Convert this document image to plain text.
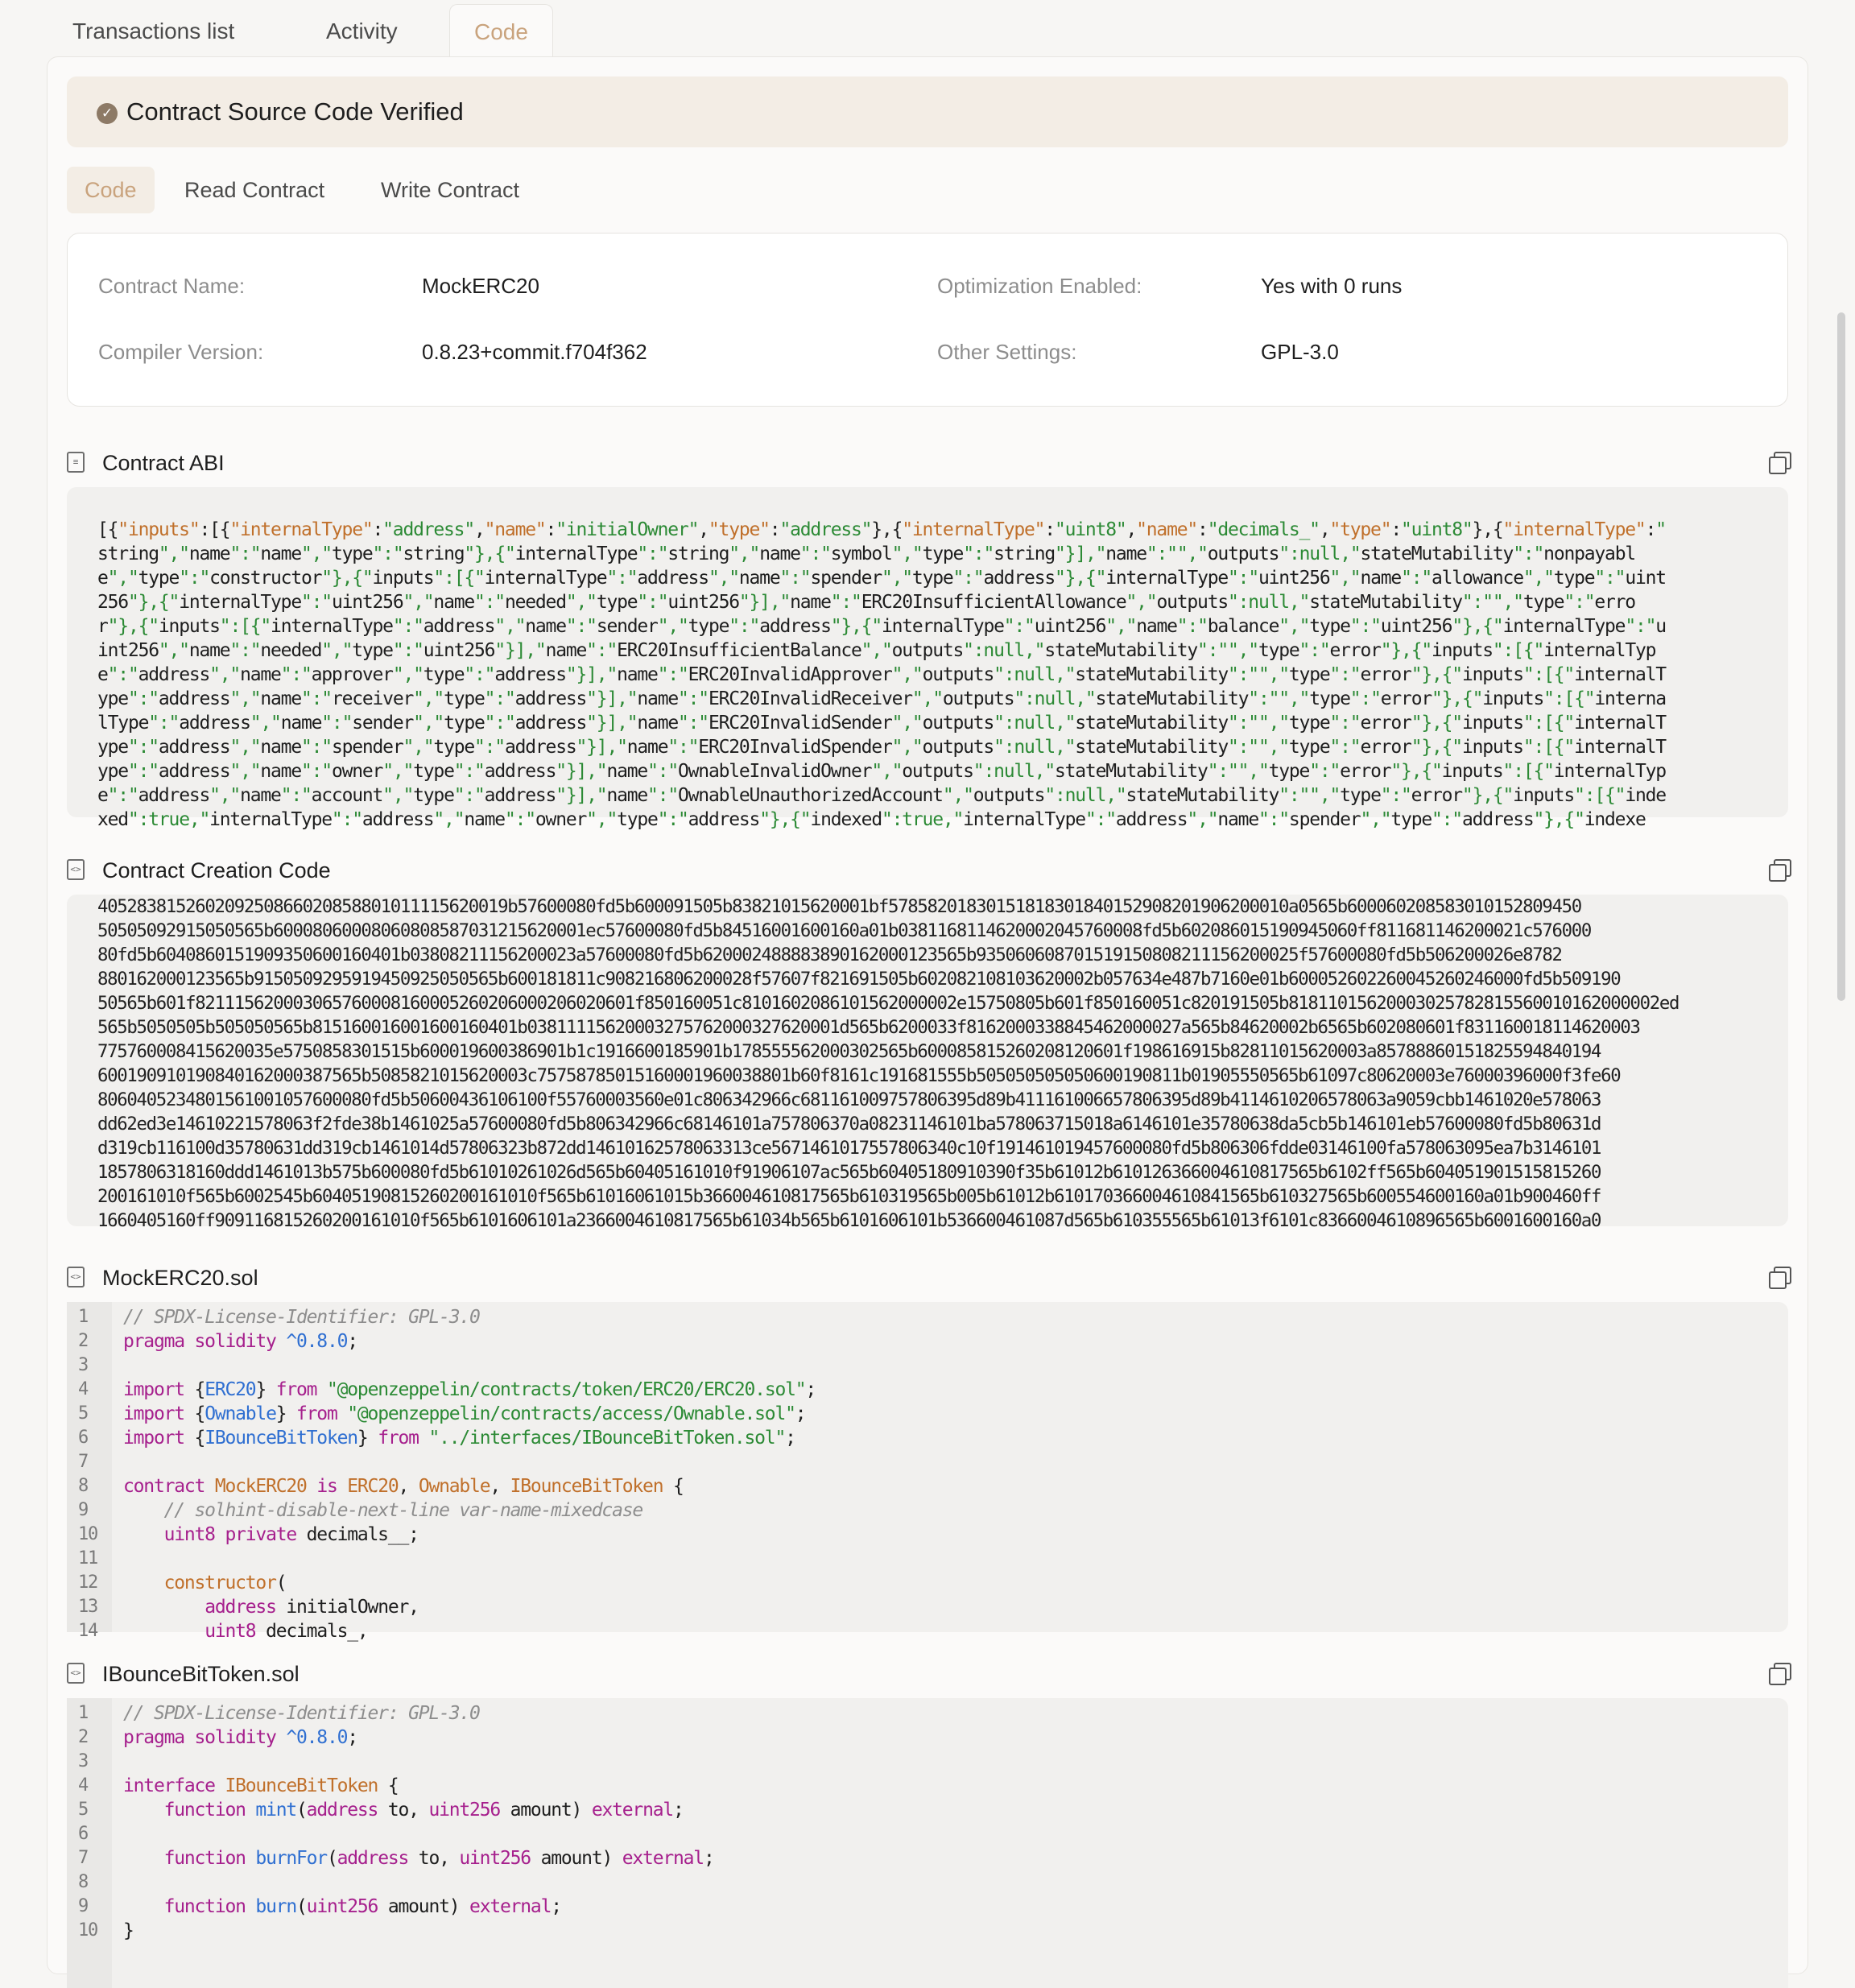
Transactions list	Activity	Code
✓ Contract Source Code Verified
Code	Read Contract	Write Contract
Contract Name:	MockERC20
Compiler Version:	0.8.23+commit.f704f362
Optimization Enabled:	Yes with 0 runs
Other Settings:	GPL-3.0
≡ Contract ABI
[{"inputs":[{"internalType":"address","name":"initialOwner","type":"address"},{"internalType":"uint8","name":"decimals_","type":"uint8"},{"internalType":"
string","name":"name","type":"string"},{"internalType":"string","name":"symbol","type":"string"}],"name":"","outputs":null,"stateMutability":"nonpayabl
e","type":"constructor"},{"inputs":[{"internalType":"address","name":"spender","type":"address"},{"internalType":"uint256","name":"allowance","type":"uint
256"},{"internalType":"uint256","name":"needed","type":"uint256"}],"name":"ERC20InsufficientAllowance","outputs":null,"stateMutability":"","type":"erro
r"},{"inputs":[{"internalType":"address","name":"sender","type":"address"},{"internalType":"uint256","name":"balance","type":"uint256"},{"internalType":"u
int256","name":"needed","type":"uint256"}],"name":"ERC20InsufficientBalance","outputs":null,"stateMutability":"","type":"error"},{"inputs":[{"internalTyp
e":"address","name":"approver","type":"address"}],"name":"ERC20InvalidApprover","outputs":null,"stateMutability":"","type":"error"},{"inputs":[{"internalT
ype":"address","name":"receiver","type":"address"}],"name":"ERC20InvalidReceiver","outputs":null,"stateMutability":"","type":"error"},{"inputs":[{"interna
lType":"address","name":"sender","type":"address"}],"name":"ERC20InvalidSender","outputs":null,"stateMutability":"","type":"error"},{"inputs":[{"internalT
ype":"address","name":"spender","type":"address"}],"name":"ERC20InvalidSpender","outputs":null,"stateMutability":"","type":"error"},{"inputs":[{"internalT
ype":"address","name":"owner","type":"address"}],"name":"OwnableInvalidOwner","outputs":null,"stateMutability":"","type":"error"},{"inputs":[{"internalTyp
e":"address","name":"account","type":"address"}],"name":"OwnableUnauthorizedAccount","outputs":null,"stateMutability":"","type":"error"},{"inputs":[{"inde
xed":true,"internalType":"address","name":"owner","type":"address"},{"indexed":true,"internalType":"address","name":"spender","type":"address"},{"indexe
<> Contract Creation Code
405283815260209250866020858801011115620019b57600080fd5b600091505b83821015620001bf57858201830151818301840152908201906200010a0565b600060208583010152809450
50505092915050565b60008060008060808587031215620001ec57600080fd5b84516001600160a01b0381168114620002045760008fd5b602086015190945060ff811681146200021c576000
80fd5b6040860151909350600160401b03808211156200023a57600080fd5b620002488883890162000123565b935060608701519150808211156200025f57600080fd5b506200026e8782
880162000123565b9150509295919450925050565b600181811c908216806200028f57607f821691505b602082108103620002b057634e487b7160e01b600052602260045260246000fd5b509190
50565b601f821115620003065760008160005260206000206020601f850160051c8101602086101562000002e15750805b601f850160051c820191505b81811015620003025782815560010162000002ed
565b5050505b505050565b815160016001600160401b03811115620003275762000327620001d565b6200033f8162000338845462000027a565b84620002b6565b602080601f831160018114620003
775760008415620035e5750858301515b600019600386901b1c1916600185901b178555562000302565b600085815260208120601f198616915b82811015620003a85788860151825594840194
600190910190840162000387565b5085821015620003c75758785015160001960038801b60f8161c191681555b505050505050600190811b01905550565b61097c80620003e76000396000f3fe60
8060405234801561001057600080fd5b50600436106100f55760003560e01c806342966c681161009757806395d89b411161006657806395d89b4114610206578063a9059cbb1461020e578063
dd62ed3e14610221578063f2fde38b1461025a57600080fd5b806342966c68146101a757806370a08231146101ba578063715018a6146101e35780638da5cb5b146101eb57600080fd5b80631d
d319cb116100d35780631dd319cb1461014d57806323b872dd14610162578063313ce5671461017557806340c10f191461019457600080fd5b806306fdde03146100fa578063095ea7b3146101
1857806318160ddd1461013b575b600080fd5b61010261026d565b60405161010f91906107ac565b60405180910390f35b61012b610126366004610817565b6102ff565b604051901515815260
200161010f565b6002545b60405190815260200161010f565b61016061015b366004610817565b610319565b005b61012b610170366004610841565b610327565b600554600160a01b900460ff
1660405160ff909116815260200161010f565b6101606101a2366004610817565b61034b565b6101606101b536600461087d565b610355565b61013f6101c8366004610896565b6001600160a0
<> MockERC20.sol
1	// SPDX-License-Identifier: GPL-3.0
2	pragma solidity ^0.8.0;
3
4	import {ERC20} from "@openzeppelin/contracts/token/ERC20/ERC20.sol";
5	import {Ownable} from "@openzeppelin/contracts/access/Ownable.sol";
6	import {IBounceBitToken} from "../interfaces/IBounceBitToken.sol";
7
8	contract MockERC20 is ERC20, Ownable, IBounceBitToken {
9	// solhint-disable-next-line var-name-mixedcase
10	uint8 private decimals__;
11
12	constructor(
13	address initialOwner,
14	uint8 decimals_,
<> IBounceBitToken.sol
1	// SPDX-License-Identifier: GPL-3.0
2	pragma solidity ^0.8.0;
3
4	interface IBounceBitToken {
5	function mint(address to, uint256 amount) external;
6
7	function burnFor(address to, uint256 amount) external;
8
9	function burn(uint256 amount) external;
10	}
